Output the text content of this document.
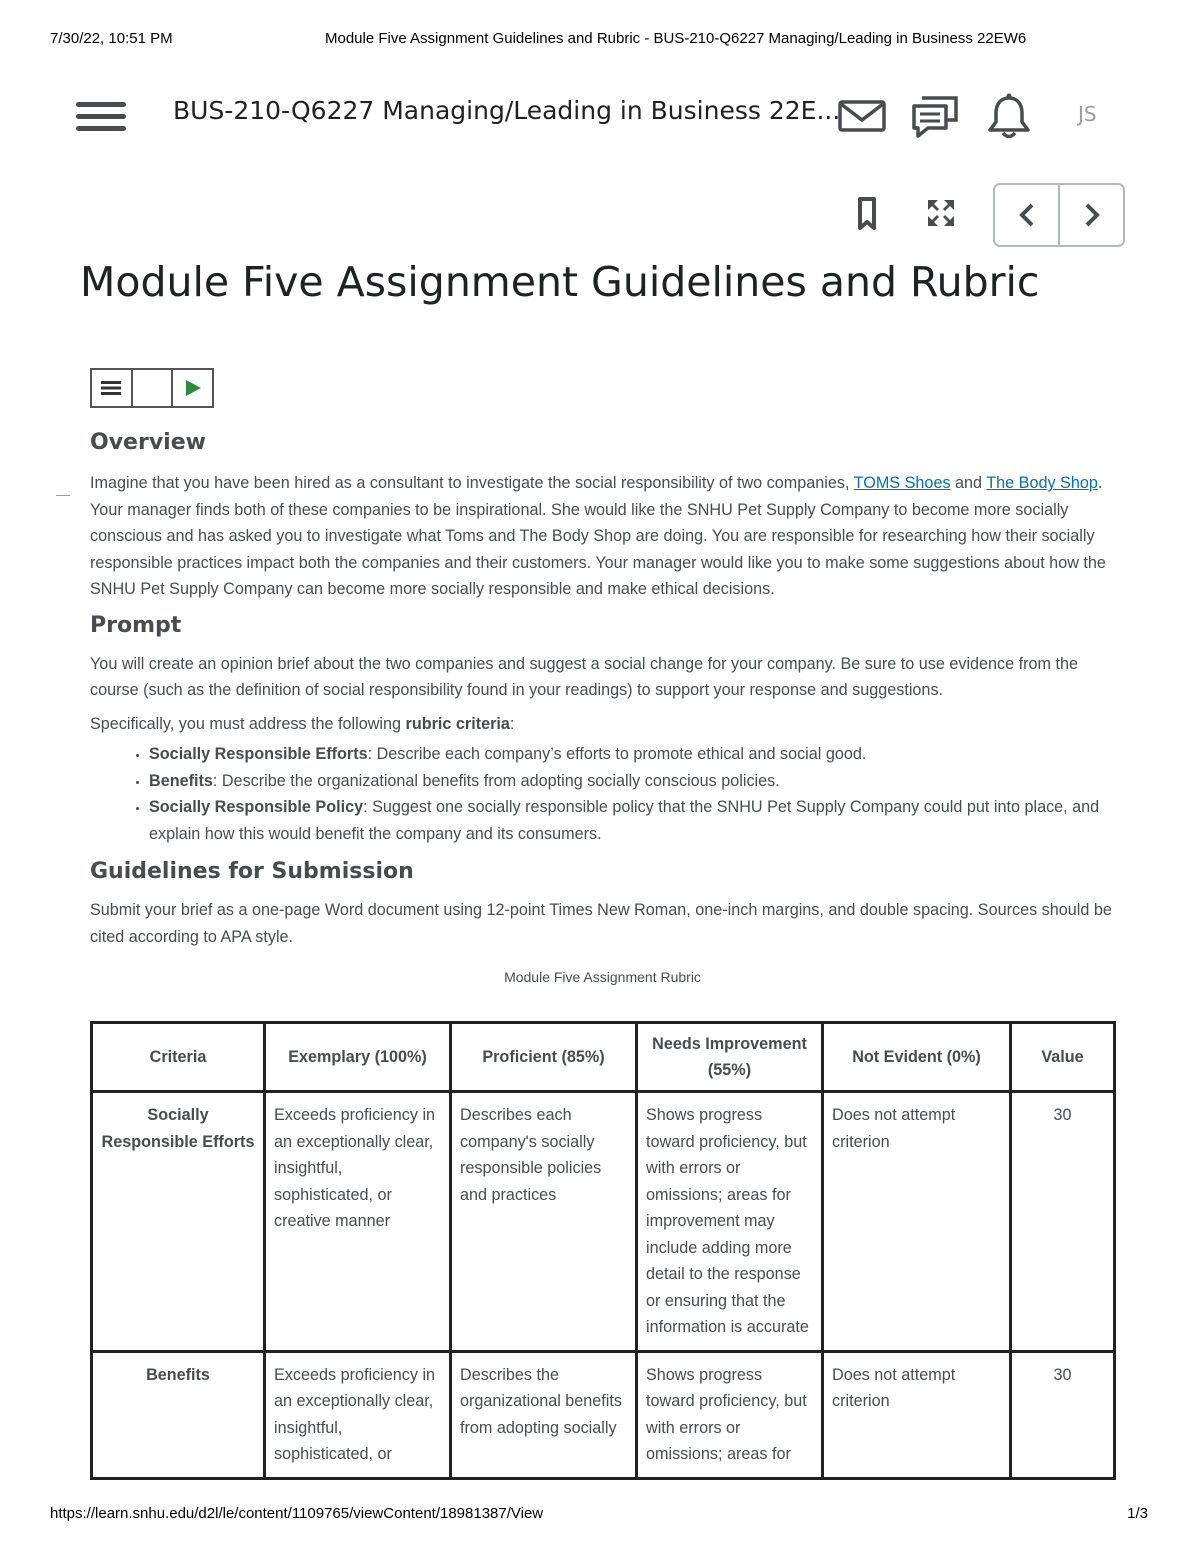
7/30/22, 10:51 PM	Module Five Assignment Guidelines and Rubric - BUS-210-Q6227 Managing/Leading in Business 22EW6
BUS-210-Q6227 Managing/Leading in Business 22E...	JS
Module Five Assignment Guidelines and Rubric
Overview

Imagine that you have been hired as a consultant to investigate the social responsibility of two companies, TOMS Shoes and The Body Shop. Your manager finds both of these companies to be inspirational. She would like the SNHU Pet Supply Company to become more socially conscious and has asked you to investigate what Toms and The Body Shop are doing. You are responsible for researching how their socially responsible practices impact both the companies and their customers. Your manager would like you to make some suggestions about how the SNHU Pet Supply Company can become more socially responsible and make ethical decisions.

Prompt

You will create an opinion brief about the two companies and suggest a social change for your company. Be sure to use evidence from the course (such as the definition of social responsibility found in your readings) to support your response and suggestions.

Specifically, you must address the following rubric criteria:

• Socially Responsible Efforts: Describe each company’s efforts to promote ethical and social good.
• Benefits: Describe the organizational benefits from adopting socially conscious policies.
• Socially Responsible Policy: Suggest one socially responsible policy that the SNHU Pet Supply Company could put into place, and explain how this would benefit the company and its consumers.
Guidelines for Submission

Submit your brief as a one-page Word document using 12-point Times New Roman, one-inch margins, and double spacing. Sources should be cited according to APA style.

Module Five Assignment Rubric
Criteria	Exemplary (100%)	Proficient (85%)	Needs Improvement (55%)	Not Evident (0%)	Value
Socially Responsible Efforts	Exceeds proficiency in an exceptionally clear, insightful, sophisticated, or creative manner	Describes each company's socially responsible policies and practices	Shows progress toward proficiency, but with errors or omissions; areas for improvement may include adding more detail to the response or ensuring that the information is accurate	Does not attempt criterion	30
Benefits	Exceeds proficiency in an exceptionally clear, insightful, sophisticated, or	Describes the organizational benefits from adopting socially	Shows progress toward proficiency, but with errors or omissions; areas for	Does not attempt criterion	30
https://learn.snhu.edu/d2l/le/content/1109765/viewContent/18981387/View	1/3
